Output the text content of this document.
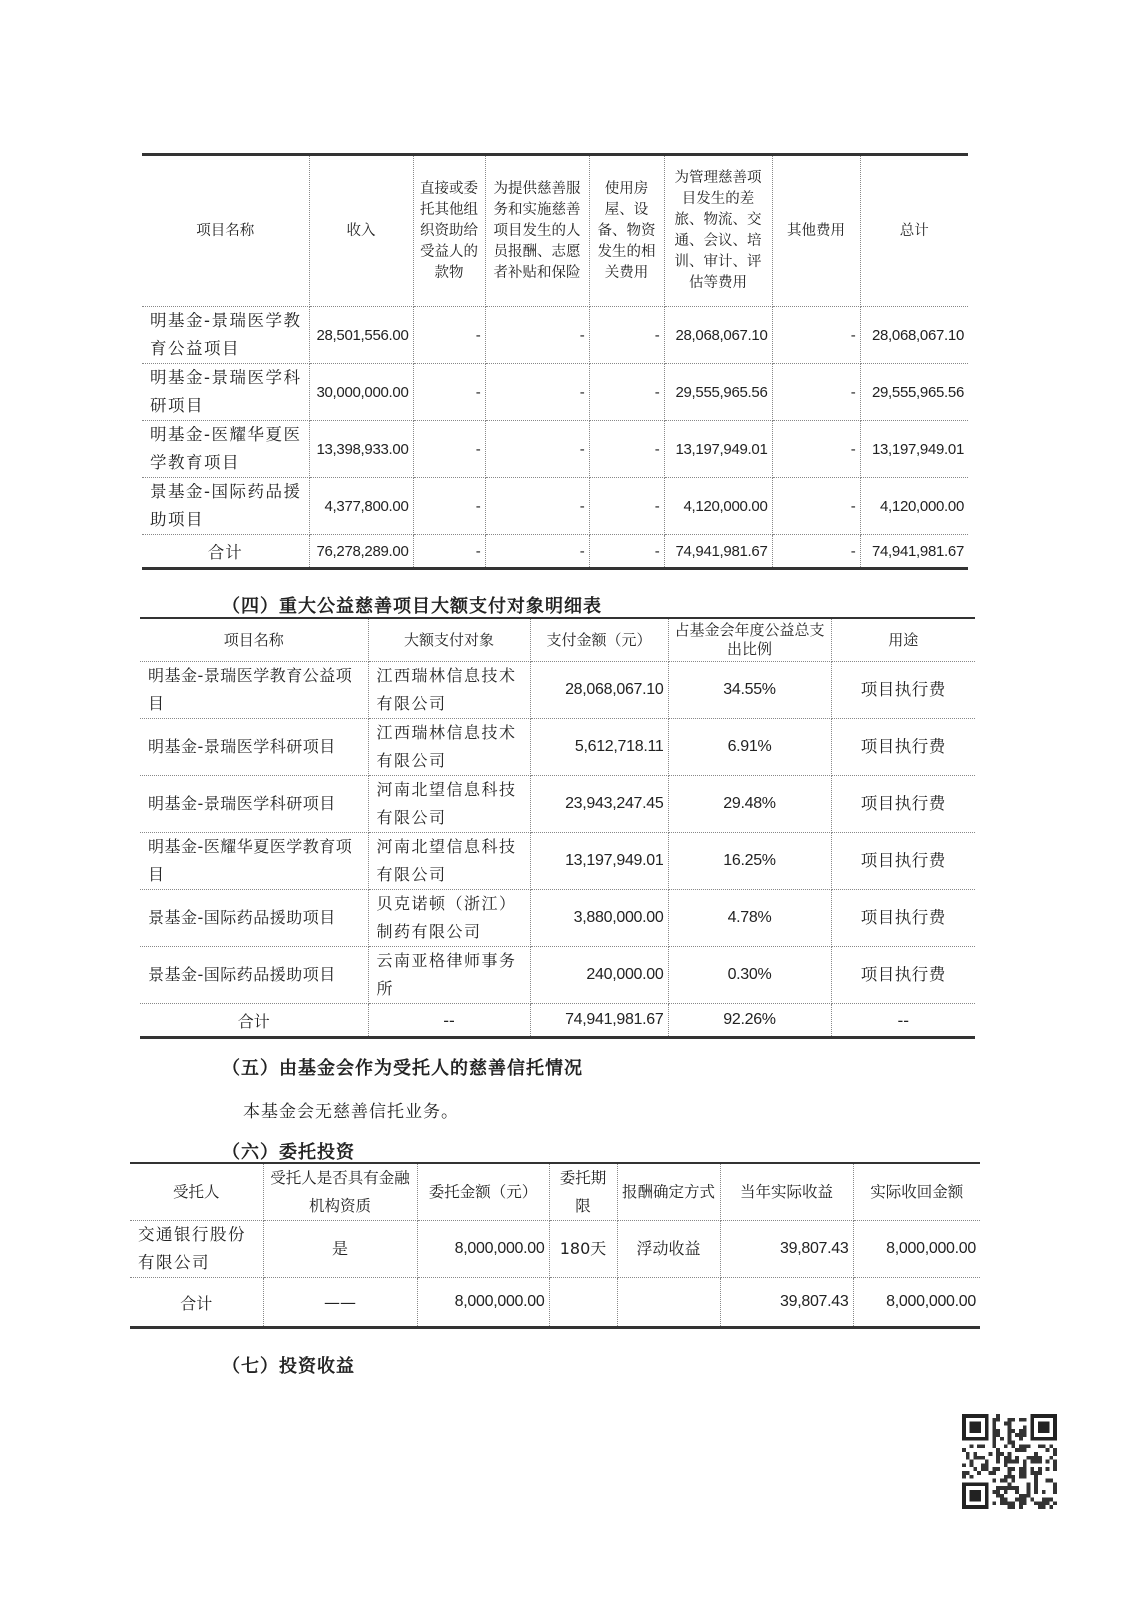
项目名称	收入	直接或委托其他组织资助给受益人的款物	为提供慈善服务和实施慈善项目发生的人员报酬、志愿者补贴和保险	使用房屋、设备、物资发生的相关费用	为管理慈善项目发生的差旅、物流、交通、会议、培训、审计、评估等费用	其他费用	总计
明基金-景瑞医学教育公益项目	28,501,556.00	-	-	-	28,068,067.10	-	28,068,067.10
明基金-景瑞医学科研项目	30,000,000.00	-	-	-	29,555,965.56	-	29,555,965.56
明基金-医耀华夏医学教育项目	13,398,933.00	-	-	-	13,197,949.01	-	13,197,949.01
景基金-国际药品援助项目	4,377,800.00	-	-	-	4,120,000.00	-	4,120,000.00
合计	76,278,289.00	-	-	-	74,941,981.67	-	74,941,981.67
（四）重大公益慈善项目大额支付对象明细表
项目名称	大额支付对象	支付金额（元）	占基金会年度公益总支出比例	用途
明基金-景瑞医学教育公益项目	江西瑞林信息技术有限公司	28,068,067.10	34.55%	项目执行费
明基金-景瑞医学科研项目	江西瑞林信息技术有限公司	5,612,718.11	6.91%	项目执行费
明基金-景瑞医学科研项目	河南北望信息科技有限公司	23,943,247.45	29.48%	项目执行费
明基金-医耀华夏医学教育项目	河南北望信息科技有限公司	13,197,949.01	16.25%	项目执行费
景基金-国际药品援助项目	贝克诺顿（浙江）制药有限公司	3,880,000.00	4.78%	项目执行费
景基金-国际药品援助项目	云南亚格律师事务所	240,000.00	0.30%	项目执行费
合计	--	74,941,981.67	92.26%	--
（五）由基金会作为受托人的慈善信托情况
本基金会无慈善信托业务。
（六）委托投资
受托人	受托人是否具有金融机构资质	委托金额（元）	委托期限	报酬确定方式	当年实际收益	实际收回金额
交通银行股份有限公司	是	8,000,000.00	180天	浮动收益	39,807.43	8,000,000.00
合计	——	8,000,000.00			39,807.43	8,000,000.00
（七）投资收益
